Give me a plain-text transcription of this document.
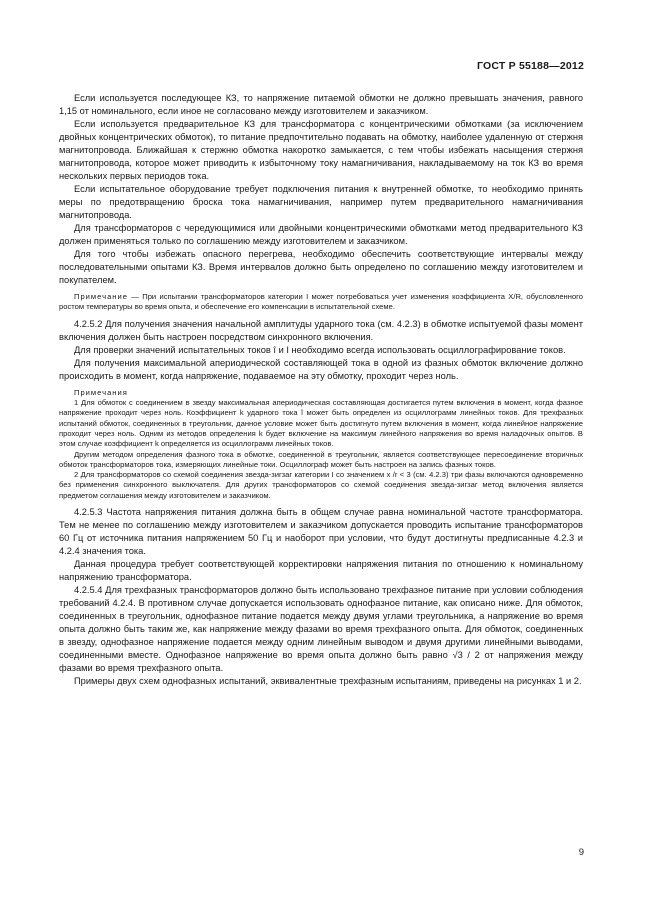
ГОСТ Р 55188—2012

Если используется последующее КЗ, то напряжение питаемой обмотки не должно превышать значения, равного 1,15 от номинального, если иное не согласовано между изготовителем и заказчиком.

Если используется предварительное КЗ для трансформатора с концентрическими обмотками (за исключением двойных концентрических обмоток), то питание предпочтительно подавать на обмотку, наиболее удаленную от стержня магнитопровода. Ближайшая к стержню обмотка накоротко замыкается, с тем чтобы избежать насыщения стержня магнитопровода, которое может приводить к избыточному току намагничивания, накладываемому на ток КЗ во время нескольких первых периодов тока.

Если испытательное оборудование требует подключения питания к внутренней обмотке, то необходимо принять меры по предотвращению броска тока намагничивания, например путем предварительного намагничивания магнитопровода.

Для трансформаторов с чередующимися или двойными концентрическими обмотками метод предварительного КЗ должен применяться только по соглашению между изготовителем и заказчиком.

Для того чтобы избежать опасного перегрева, необходимо обеспечить соответствующие интервалы между последовательными опытами КЗ. Время интервалов должно быть определено по соглашению между изготовителем и покупателем.

Примечание — При испытании трансформаторов категории I может потребоваться учет изменения коэффициента X/R, обусловленного ростом температуры во время опыта, и обеспечение его компенсации в испытательной схеме.

4.2.5.2 Для получения значения начальной амплитуды ударного тока (см. 4.2.3) в обмотке испытуемой фазы момент включения должен быть настроен посредством синхронного включения.

Для проверки значений испытательных токов î и I необходимо всегда использовать осциллографирование токов.

Для получения максимальной апериодической составляющей тока в одной из фазных обмоток включение должно происходить в момент, когда напряжение, подаваемое на эту обмотку, проходит через ноль.

Примечания

1 Для обмоток с соединением в звезду максимальная апериодическая составляющая достигается путем включения в момент, когда фазное напряжение проходит через ноль. Коэффициент k ударного тока î может быть определен из осциллограмм линейных токов. Для трехфазных испытаний обмоток, соединенных в треугольник, данное условие может быть достигнуто путем включения в момент, когда линейное напряжение проходит через ноль. Одним из методов определения k будет включение на максимум линейного напряжения во время наладочных опытов. В этом случае коэффициент k определяется из осциллограмм линейных токов.

Другим методом определения фазного тока в обмотке, соединенной в треугольник, является соответствующее пересоединение вторичных обмоток трансформаторов тока, измеряющих линейные токи. Осциллограф может быть настроен на запись фазных токов.

2 Для трансформаторов со схемой соединения звезда-зигзаг категории I со значением x /r < 3 (см. 4.2.3) три фазы включаются одновременно без применения синхронного выключателя. Для других трансформаторов со схемой соединения звезда-зигзаг метод включения является предметом соглашения между изготовителем и заказчиком.

4.2.5.3 Частота напряжения питания должна быть в общем случае равна номинальной частоте трансформатора. Тем не менее по соглашению между изготовителем и заказчиком допускается проводить испытание трансформаторов 60 Гц от источника питания напряжением 50 Гц и наоборот при условии, что будут достигнуты предписанные 4.2.3 и 4.2.4 значения тока.

Данная процедура требует соответствующей корректировки напряжения питания по отношению к номинальному напряжению трансформатора.

4.2.5.4 Для трехфазных трансформаторов должно быть использовано трехфазное питание при условии соблюдения требований 4.2.4. В противном случае допускается использовать однофазное питание, как описано ниже. Для обмоток, соединенных в треугольник, однофазное питание подается между двумя углами треугольника, а напряжение во время опыта должно быть таким же, как напряжение между фазами во время трехфазного опыта. Для обмоток, соединенных в звезду, однофазное напряжение подается между одним линейным выводом и двумя другими линейными выводами, соединенными вместе. Однофазное напряжение во время опыта должно быть равно √3 / 2 от напряжения между фазами во время трехфазного опыта.

Примеры двух схем однофазных испытаний, эквивалентные трехфазным испытаниям, приведены на рисунках 1 и 2.

9
